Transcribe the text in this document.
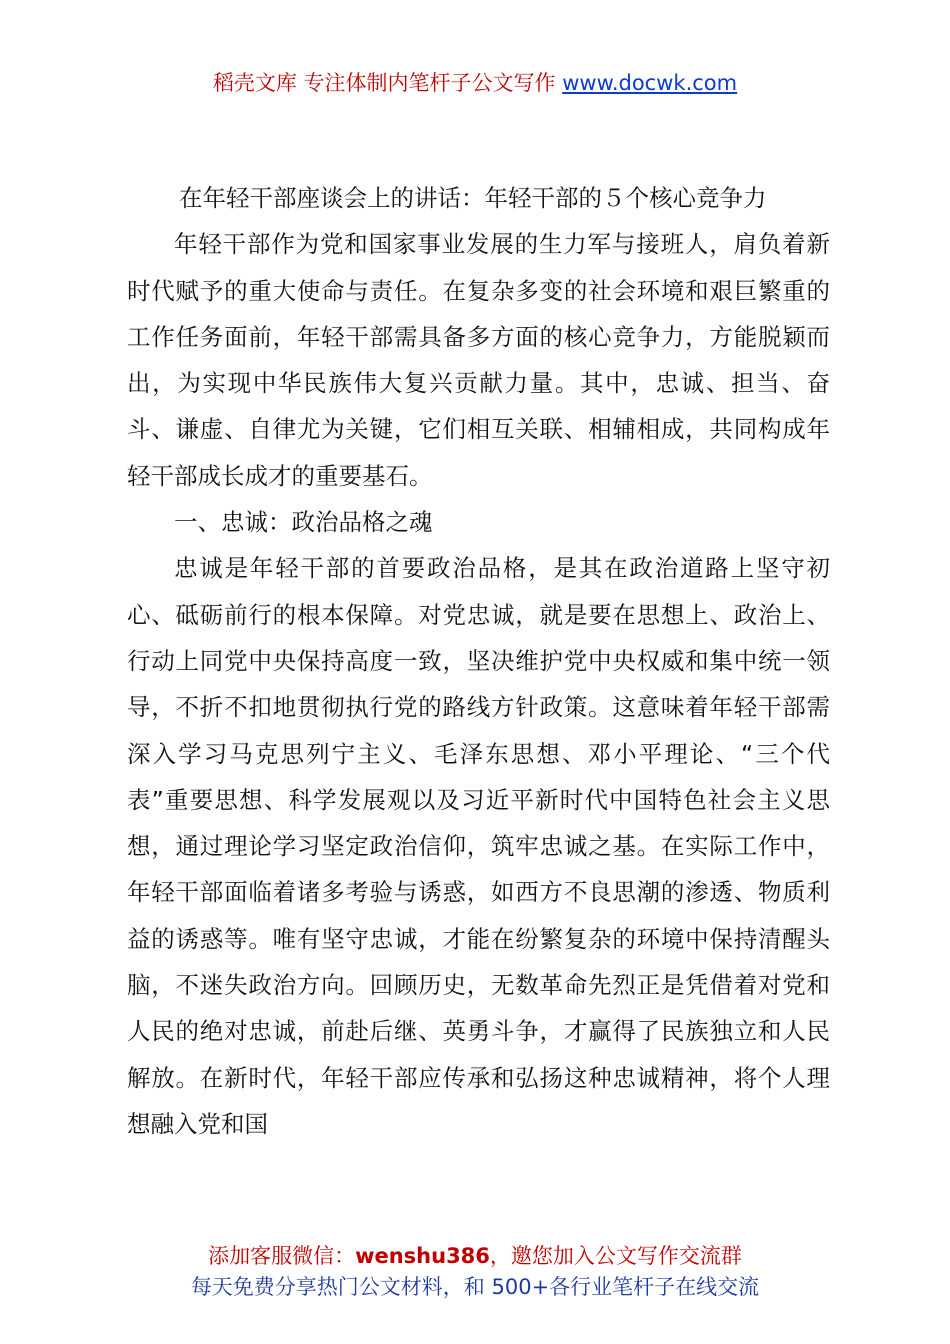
稻壳文库 专注体制内笔杆子公文写作 www.docwk.com

在年轻干部座谈会上的讲话：年轻干部的５个核心竞争力

年轻干部作为党和国家事业发展的生力军与接班人，肩负着新时代赋予的重大使命与责任。在复杂多变的社会环境和艰巨繁重的工作任务面前，年轻干部需具备多方面的核心竞争力，方能脱颖而出，为实现中华民族伟大复兴贡献力量。其中，忠诚、担当、奋斗、谦虚、自律尤为关键，它们相互关联、相辅相成，共同构成年轻干部成长成才的重要基石。

一、忠诚：政治品格之魂

忠诚是年轻干部的首要政治品格，是其在政治道路上坚守初心、砥砺前行的根本保障。对党忠诚，就是要在思想上、政治上、行动上同党中央保持高度一致，坚决维护党中央权威和集中统一领导，不折不扣地贯彻执行党的路线方针政策。这意味着年轻干部需深入学习马克思列宁主义、毛泽东思想、邓小平理论、“三个代表”重要思想、科学发展观以及习近平新时代中国特色社会主义思想，通过理论学习坚定政治信仰，筑牢忠诚之基。在实际工作中，年轻干部面临着诸多考验与诱惑，如西方不良思潮的渗透、物质利益的诱惑等。唯有坚守忠诚，才能在纷繁复杂的环境中保持清醒头脑，不迷失政治方向。回顾历史，无数革命先烈正是凭借着对党和人民的绝对忠诚，前赴后继、英勇斗争，才赢得了民族独立和人民解放。在新时代，年轻干部应传承和弘扬这种忠诚精神，将个人理想融入党和国

添加客服微信：wenshu386，邀您加入公文写作交流群
每天免费分享热门公文材料，和 500+各行业笔杆子在线交流
